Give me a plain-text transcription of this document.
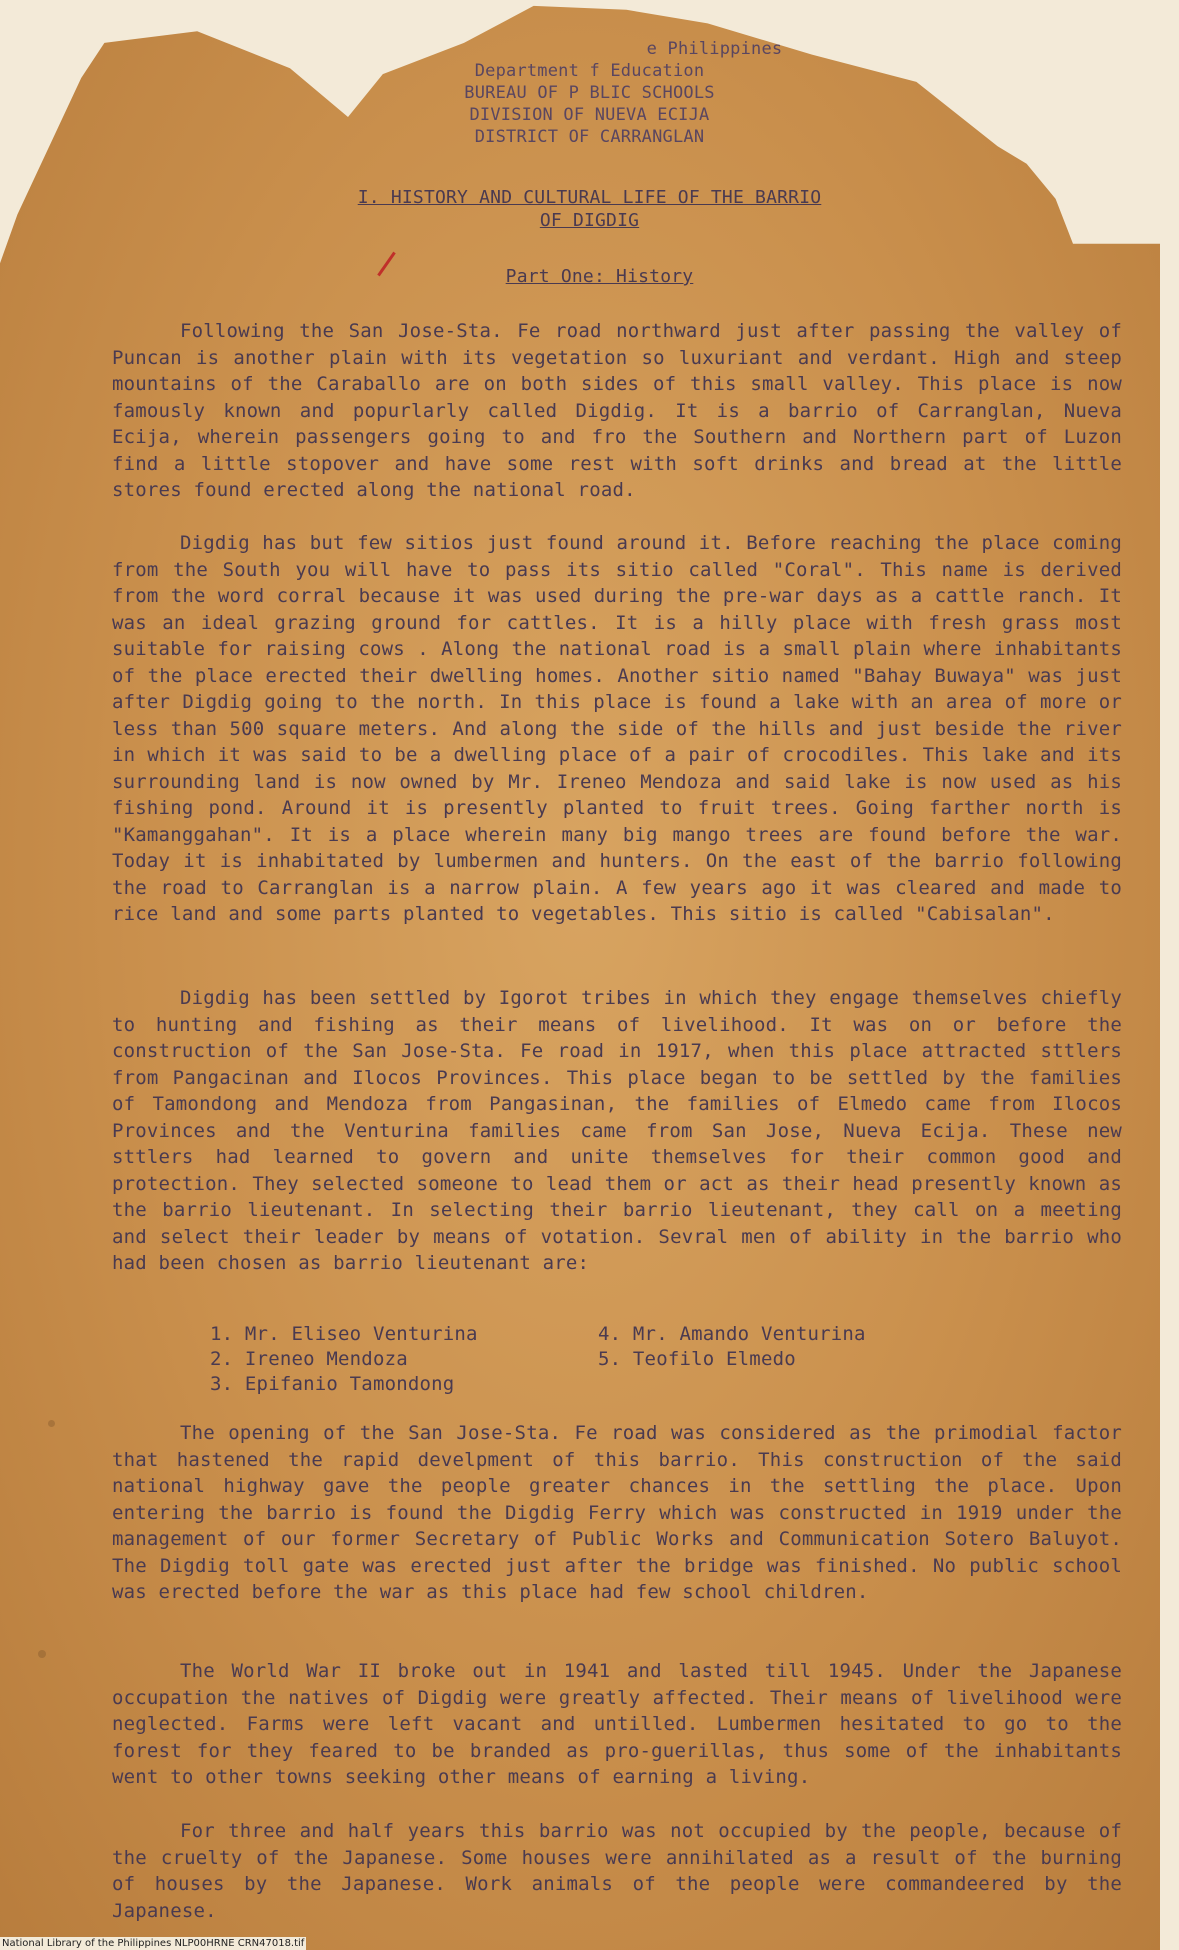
e Philippines
Department f Education
BUREAU OF P BLIC SCHOOLS
DIVISION OF NUEVA ECIJA
DISTRICT OF CARRANGLAN
I. HISTORY AND CULTURAL LIFE OF THE BARRIO
OF DIGDIG
Part One: History
Following the San Jose-Sta. Fe road northward just after passing the valley of Puncan is another plain with its vegetation so luxuriant and verdant. High and steep mountains of the Caraballo are on both sides of this small valley. This place is now famously known and popurlarly called Digdig. It is a barrio of Carranglan, Nueva Ecija, wherein passengers going to and fro the Southern and Northern part of Luzon find a little stopover and have some rest with soft drinks and bread at the little stores found erected along the national road.
Digdig has but few sitios just found around it. Before reaching the place coming from the South you will have to pass its sitio called "Coral". This name is derived from the word corral because it was used during the pre-war days as a cattle ranch. It was an ideal grazing ground for cattles. It is a hilly place with fresh grass most suitable for raising cows . Along the national road is a small plain where inhabitants of the place erected their dwelling homes. Another sitio named "Bahay Buwaya" was just after Digdig going to the north. In this place is found a lake with an area of more or less than 500 square meters. And along the side of the hills and just beside the river in which it was said to be a dwelling place of a pair of crocodiles. This lake and its surrounding land is now owned by Mr. Ireneo Mendoza and said lake is now used as his fishing pond. Around it is presently planted to fruit trees. Going farther north is "Kamanggahan". It is a place wherein many big mango trees are found before the war. Today it is inhabitated by lumbermen and hunters. On the east of the barrio following the road to Carranglan is a narrow plain. A few years ago it was cleared and made to rice land and some parts planted to vegetables. This sitio is called "Cabisalan".
Digdig has been settled by Igorot tribes in which they engage themselves chiefly to hunting and fishing as their means of livelihood. It was on or before the construction of the San Jose-Sta. Fe road in 1917, when this place attracted sttlers from Pangacinan and Ilocos Provinces. This place began to be settled by the families of Tamondong and Mendoza from Pangasinan, the families of Elmedo came from Ilocos Provinces and the Venturina families came from San Jose, Nueva Ecija. These new sttlers had learned to govern and unite themselves for their common good and protection. They selected someone to lead them or act as their head presently known as the barrio lieutenant. In selecting their barrio lieutenant, they call on a meeting and select their leader by means of votation. Sevral men of ability in the barrio who had been chosen as barrio lieutenant are:
1. Mr. Eliseo Venturina
2. Ireneo Mendoza
3. Epifanio Tamondong
4. Mr. Amando Venturina
5. Teofilo Elmedo
The opening of the San Jose-Sta. Fe road was considered as the primodial factor that hastened the rapid develpment of this barrio. This construction of the said national highway gave the people greater chances in the settling the place. Upon entering the barrio is found the Digdig Ferry which was constructed in 1919 under the management of our former Secretary of Public Works and Communication Sotero Baluyot. The Digdig toll gate was erected just after the bridge was finished. No public school was erected before the war as this place had few school children.
The World War II broke out in 1941 and lasted till 1945. Under the Japanese occupation the natives of Digdig were greatly affected. Their means of livelihood were neglected. Farms were left vacant and untilled. Lumbermen hesitated to go to the forest for they feared to be branded as pro-guerillas, thus some of the inhabitants went to other towns seeking other means of earning a living.
For three and half years this barrio was not occupied by the people, because of the cruelty of the Japanese. Some houses were annihilated as a result of the burning of houses by the Japanese. Work animals of the people were commandeered by the Japanese.
National Library of the Philippines NLP00HRNE CRN47018.tif
